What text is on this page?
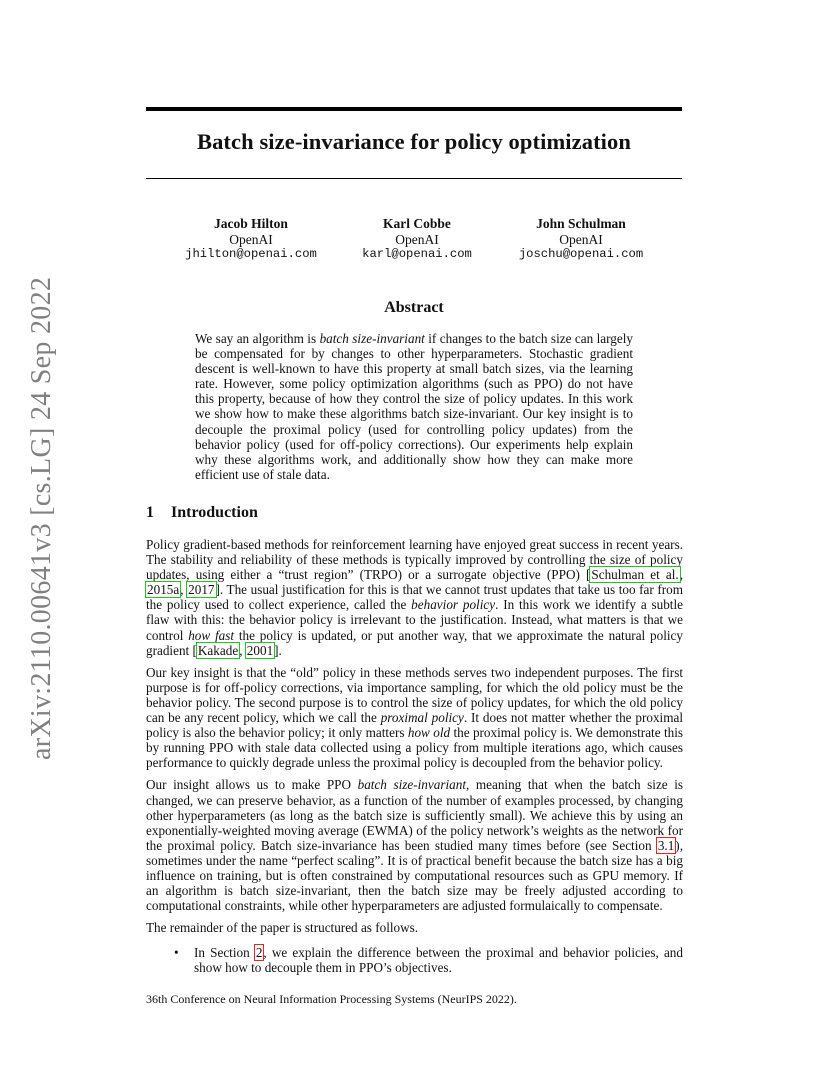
arXiv:2110.00641v3 [cs.LG] 24 Sep 2022
Batch size-invariance for policy optimization
Jacob Hilton
OpenAI
jhilton@openai.com
Karl Cobbe
OpenAI
karl@openai.com
John Schulman
OpenAI
joschu@openai.com
Abstract
We say an algorithm is batch size-invariant if changes to the batch size can largely be compensated for by changes to other hyperparameters. Stochastic gradient descent is well-known to have this property at small batch sizes, via the learning rate. However, some policy optimization algorithms (such as PPO) do not have this property, because of how they control the size of policy updates. In this work we show how to make these algorithms batch size-invariant. Our key insight is to decouple the proximal policy (used for controlling policy updates) from the behavior policy (used for off-policy corrections). Our experiments help explain why these algorithms work, and additionally show how they can make more efficient use of stale data.
1 Introduction

Policy gradient-based methods for reinforcement learning have enjoyed great success in recent years. The stability and reliability of these methods is typically improved by controlling the size of policy updates, using either a “trust region” (TRPO) or a surrogate objective (PPO) [Schulman et al., 2015a, 2017]. The usual justification for this is that we cannot trust updates that take us too far from the policy used to collect experience, called the behavior policy. In this work we identify a subtle flaw with this: the behavior policy is irrelevant to the justification. Instead, what matters is that we control how fast the policy is updated, or put another way, that we approximate the natural policy gradient [Kakade, 2001].

Our key insight is that the “old” policy in these methods serves two independent purposes. The first purpose is for off-policy corrections, via importance sampling, for which the old policy must be the behavior policy. The second purpose is to control the size of policy updates, for which the old policy can be any recent policy, which we call the proximal policy. It does not matter whether the proximal policy is also the behavior policy; it only matters how old the proximal policy is. We demonstrate this by running PPO with stale data collected using a policy from multiple iterations ago, which causes performance to quickly degrade unless the proximal policy is decoupled from the behavior policy.

Our insight allows us to make PPO batch size-invariant, meaning that when the batch size is changed, we can preserve behavior, as a function of the number of examples processed, by changing other hyperparameters (as long as the batch size is sufficiently small). We achieve this by using an exponentially-weighted moving average (EWMA) of the policy network’s weights as the network for the proximal policy. Batch size-invariance has been studied many times before (see Section 3.1), sometimes under the name “perfect scaling”. It is of practical benefit because the batch size has a big influence on training, but is often constrained by computational resources such as GPU memory. If an algorithm is batch size-invariant, then the batch size may be freely adjusted according to computational constraints, while other hyperparameters are adjusted formulaically to compensate.

The remainder of the paper is structured as follows.

• In Section 2, we explain the difference between the proximal and behavior policies, and show how to decouple them in PPO’s objectives.
36th Conference on Neural Information Processing Systems (NeurIPS 2022).
